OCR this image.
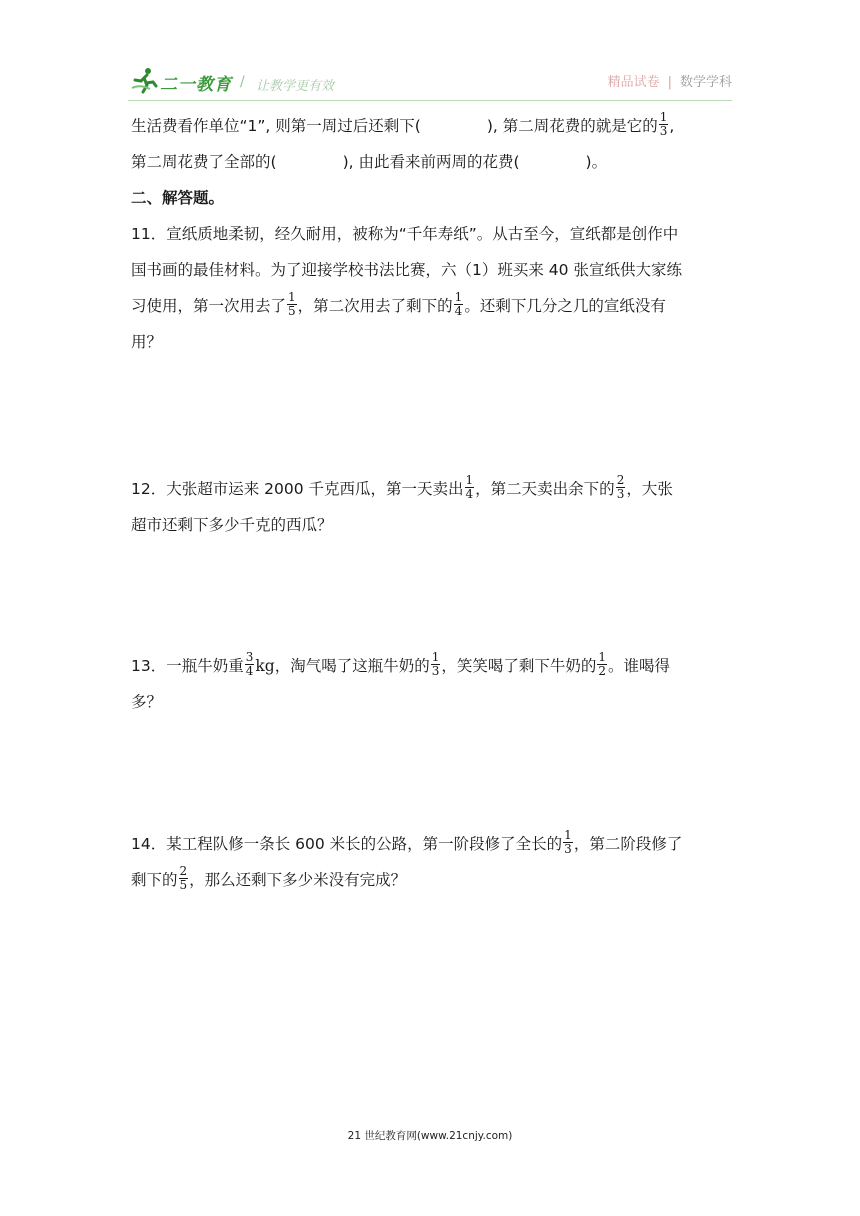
二一教育 / 让教学更有效	精品试卷 | 数学学科
生活费看作单位“1”, 则第一周过后还剩下(	), 第二周花费的就是它的 $\frac{1}{3}$ ,
第二周花费了全部的(	), 由此看来前两周的花费(	)。
二、解答题。
11．宣纸质地柔韧，经久耐用，被称为“千年寿纸”。从古至今，宣纸都是创作中
国书画的最佳材料。为了迎接学校书法比赛，六（1）班买来 40 张宣纸供大家练
习使用，第一次用去了 $\frac{1}{5}$ ，第二次用去了剩下的 $\frac{1}{4}$ 。还剩下几分之几的宣纸没有
用？
12．大张超市运来 2000 千克西瓜，第一天卖出 $\frac{1}{4}$ ，第二天卖出余下的 $\frac{2}{3}$ ，大张
超市还剩下多少千克的西瓜？
13．一瓶牛奶重 $\frac{3}{4}$ kg，淘气喝了这瓶牛奶的 $\frac{1}{3}$ ，笑笑喝了剩下牛奶的 $\frac{1}{2}$ 。谁喝得
多？
14．某工程队修一条长 600 米长的公路，第一阶段修了全长的 $\frac{1}{3}$ ，第二阶段修了
剩下的 $\frac{2}{5}$ ，那么还剩下多少米没有完成？
21 世纪教育网(www.21cnjy.com)
